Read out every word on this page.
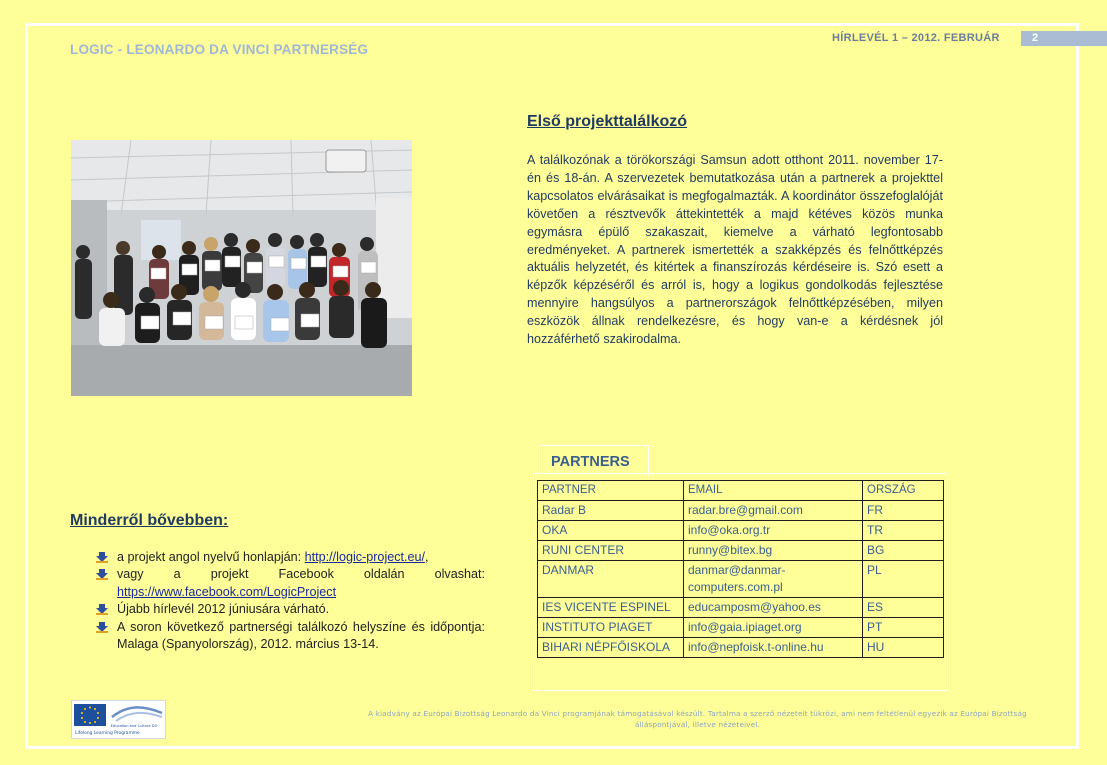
LOGIC - LEONARDO DA VINCI PARTNERSÉG
HÍRLEVÉL 1 – 2012. FEBRUÁR	2
Első projekttalálkozó

A találkozónak a törökországi Samsun adott otthont 2011. november 17-én és 18-án. A szervezetek bemutatkozása után a partnerek a projekttel kapcsolatos elvárásaikat is megfogalmazták. A koordinátor összefoglalóját követően a résztvevők áttekintették a majd kétéves közös munka egymásra épülő szakaszait, kiemelve a várható legfontosabb eredményeket. A partnerek ismertették a szakképzés és felnőttképzés aktuális helyzetét, és kitértek a finanszírozás kérdéseire is. Szó esett a képzők képzéséről és arról is, hogy a logikus gondolkodás fejlesztése mennyire hangsúlyos a partnerországok felnőttképzésében, milyen eszközök állnak rendelkezésre, és hogy van-e a kérdésnek jól hozzáférhető szakirodalma.

Minderről bővebben:
a projekt angol nyelvű honlapján: http://logic-project.eu/,
vagy a projekt Facebook oldalán olvashat: https://www.facebook.com/LogicProject
Újabb hírlevél 2012 júniusára várható.
A soron következő partnerségi találkozó helyszíne és időpontja: Malaga (Spanyolország), 2012. március 13-14.
PARTNERS
PARTNER	EMAIL	ORSZÁG
Radar B	radar.bre@gmail.com	FR
OKA	info@oka.org.tr	TR
RUNI CENTER	runny@bitex.bg	BG
DANMAR	danmar@danmar-computers.com.pl	PL
IES VICENTE ESPINEL	educamposm@yahoo.es	ES
INSTITUTO PIAGET	info@gaia.ipiaget.org	PT
BIHARI NÉPFŐISKOLA	info@nepfoisk.t-online.hu	HU
Education and Culture DG
Lifelong Learning Programme
A kiadvány az Európai Bizottság Leonardo da Vinci programjának támogatásával készült. Tartalma a szerző nézeteit tükrözi, ami nem feltétlenül egyezik az Európai Bizottság álláspontjával, illetve nézeteivel.
